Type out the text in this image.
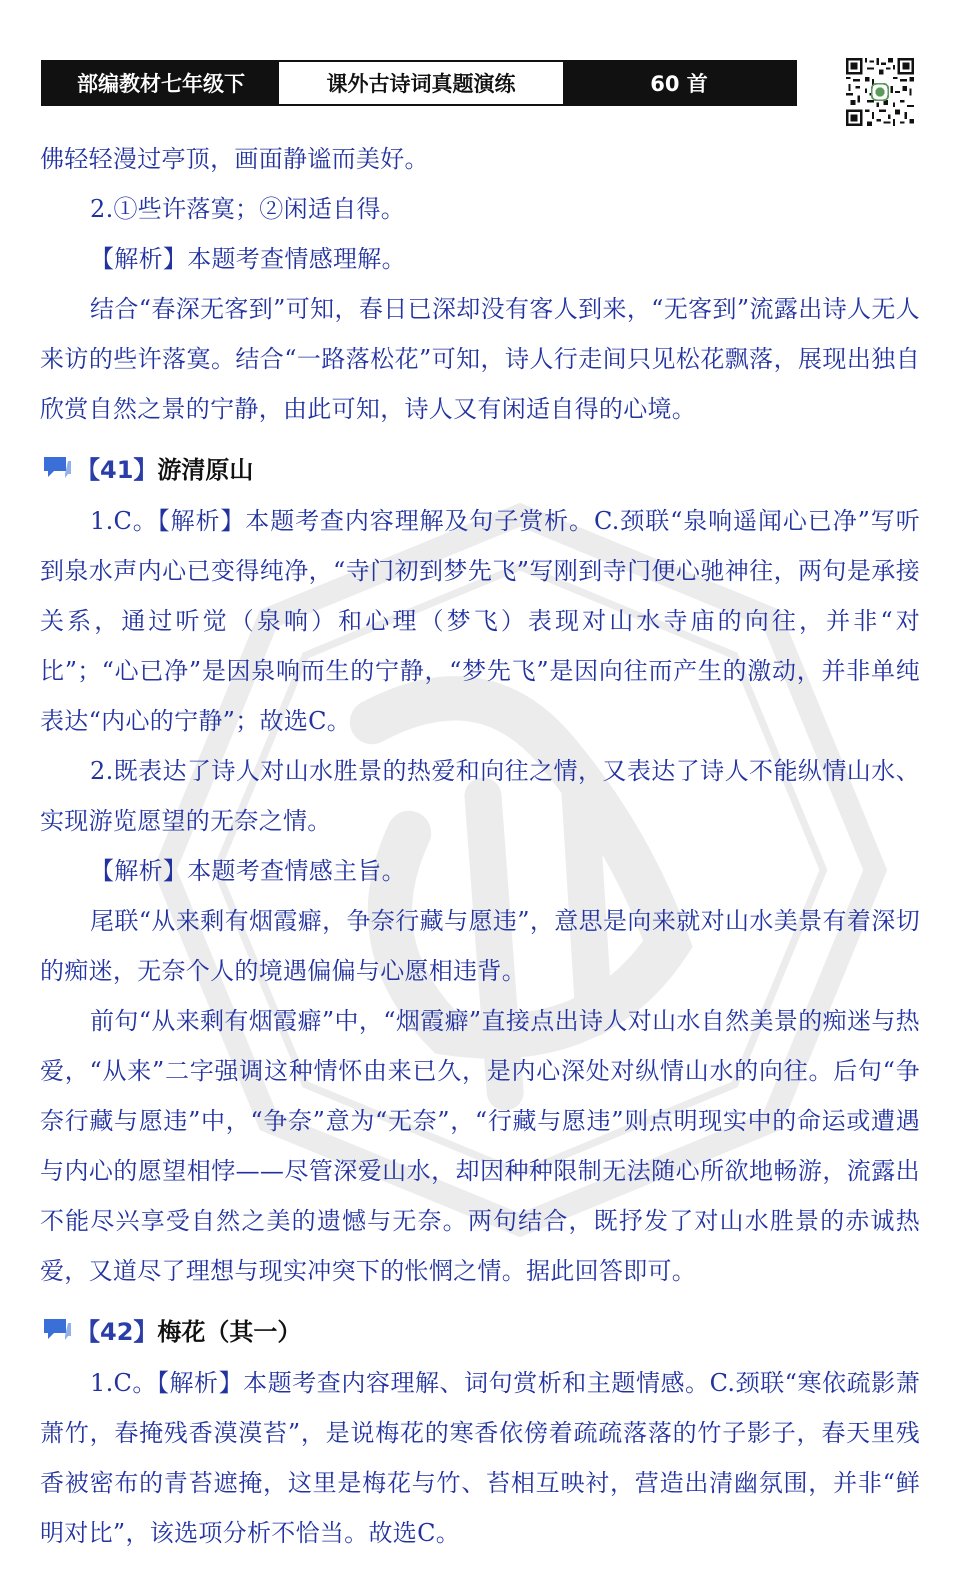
部编教材七年级下	课外古诗词真题演练	60 首

佛轻轻漫过亭顶，画面静谧而美好。

2.①些许落寞；②闲适自得。

【解析】本题考查情感理解。

结合“春深无客到”可知，春日已深却没有客人到来，“无客到”流露出诗人无人来访的些许落寞。结合“一路落松花”可知，诗人行走间只见松花飘落，展现出独自欣赏自然之景的宁静，由此可知，诗人又有闲适自得的心境。

【41】 游清原山

1.C。【解析】本题考查内容理解及句子赏析。C.颈联“泉响遥闻心已净”写听到泉水声内心已变得纯净，“寺门初到梦先飞”写刚到寺门便心驰神往，两句是承接关系，通过听觉（泉响）和心理（梦飞）表现对山水寺庙的向往，并非“对比”；“心已净”是因泉响而生的宁静，“梦先飞”是因向往而产生的激动，并非单纯表达“内心的宁静”；故选C。

2.既表达了诗人对山水胜景的热爱和向往之情，又表达了诗人不能纵情山水、实现游览愿望的无奈之情。

【解析】本题考查情感主旨。

尾联“从来剩有烟霞癖，争奈行藏与愿违”，意思是向来就对山水美景有着深切的痴迷，无奈个人的境遇偏偏与心愿相违背。

前句“从来剩有烟霞癖”中，“烟霞癖”直接点出诗人对山水自然美景的痴迷与热爱，“从来”二字强调这种情怀由来已久，是内心深处对纵情山水的向往。后句“争奈行藏与愿违”中，“争奈”意为“无奈”，“行藏与愿违”则点明现实中的命运或遭遇与内心的愿望相悖——尽管深爱山水，却因种种限制无法随心所欲地畅游，流露出不能尽兴享受自然之美的遗憾与无奈。两句结合，既抒发了对山水胜景的赤诚热爱，又道尽了理想与现实冲突下的怅惘之情。据此回答即可。

【42】 梅花（其一）

1.C。【解析】本题考查内容理解、词句赏析和主题情感。C.颈联“寒依疏影萧萧竹，春掩残香漠漠苔”，是说梅花的寒香依傍着疏疏落落的竹子影子，春天里残香被密布的青苔遮掩，这里是梅花与竹、苔相互映衬，营造出清幽氛围，并非“鲜明对比”，该选项分析不恰当。故选C。
